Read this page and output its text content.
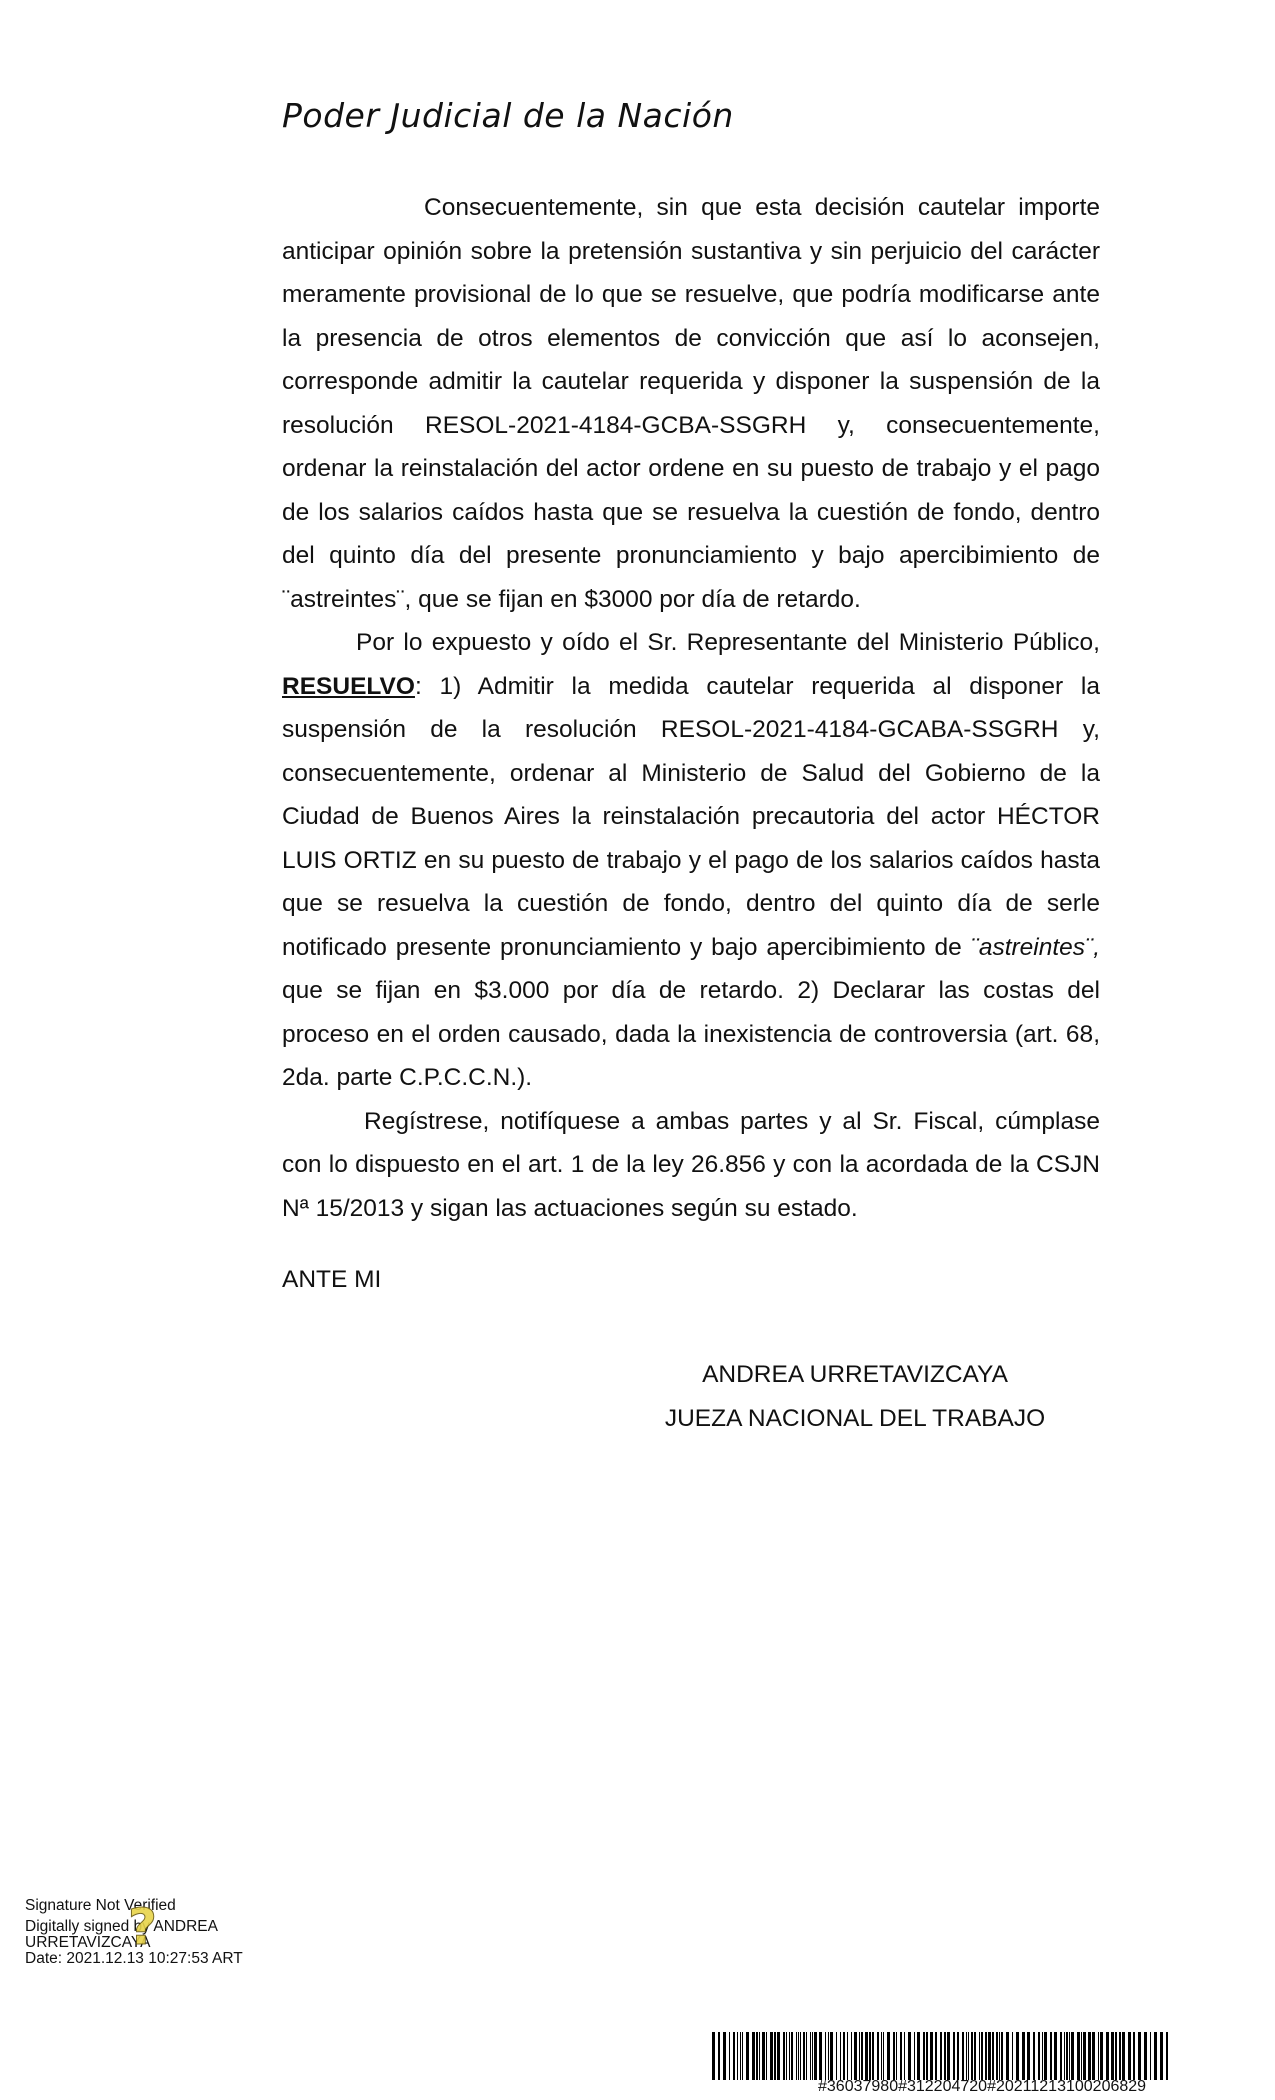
Poder Judicial de la Nación

Consecuentemente, sin que esta decisión cautelar importe anticipar opinión sobre la pretensión sustantiva y sin perjuicio del carácter meramente provisional de lo que se resuelve, que podría modificarse ante la presencia de otros elementos de convicción que así lo aconsejen, corresponde admitir la cautelar requerida y disponer la suspensión de la resolución RESOL-2021-4184-GCBA-SSGRH y, consecuentemente, ordenar la reinstalación del actor ordene en su puesto de trabajo y el pago de los salarios caídos hasta que se resuelva la cuestión de fondo, dentro del quinto día del presente pronunciamiento y bajo apercibimiento de ¨astreintes¨, que se fijan en $3000 por día de retardo.

Por lo expuesto y oído el Sr. Representante del Ministerio Público, RESUELVO: 1) Admitir la medida cautelar requerida al disponer la suspensión de la resolución RESOL-2021-4184-GCABA-SSGRH y, consecuentemente, ordenar al Ministerio de Salud del Gobierno de la Ciudad de Buenos Aires la reinstalación precautoria del actor HÉCTOR LUIS ORTIZ en su puesto de trabajo y el pago de los salarios caídos hasta que se resuelva la cuestión de fondo, dentro del quinto día de serle notificado presente pronunciamiento y bajo apercibimiento de ¨astreintes¨, que se fijan en $3.000 por día de retardo. 2) Declarar las costas del proceso en el orden causado, dada la inexistencia de controversia (art. 68, 2da. parte C.P.C.C.N.).

Regístrese, notifíquese a ambas partes y al Sr. Fiscal, cúmplase con lo dispuesto en el art. 1 de la ley 26.856 y con la acordada de la CSJN Nª 15/2013 y sigan las actuaciones según su estado.

ANTE MI
ANDREA URRETAVIZCAYA
JUEZA NACIONAL DEL TRABAJO
Signature Not Verified
Digitally signed by ANDREA
URRETAVIZCAYA
Date: 2021.12.13 10:27:53 ART
?
#36037980#312204720#20211213100206829
